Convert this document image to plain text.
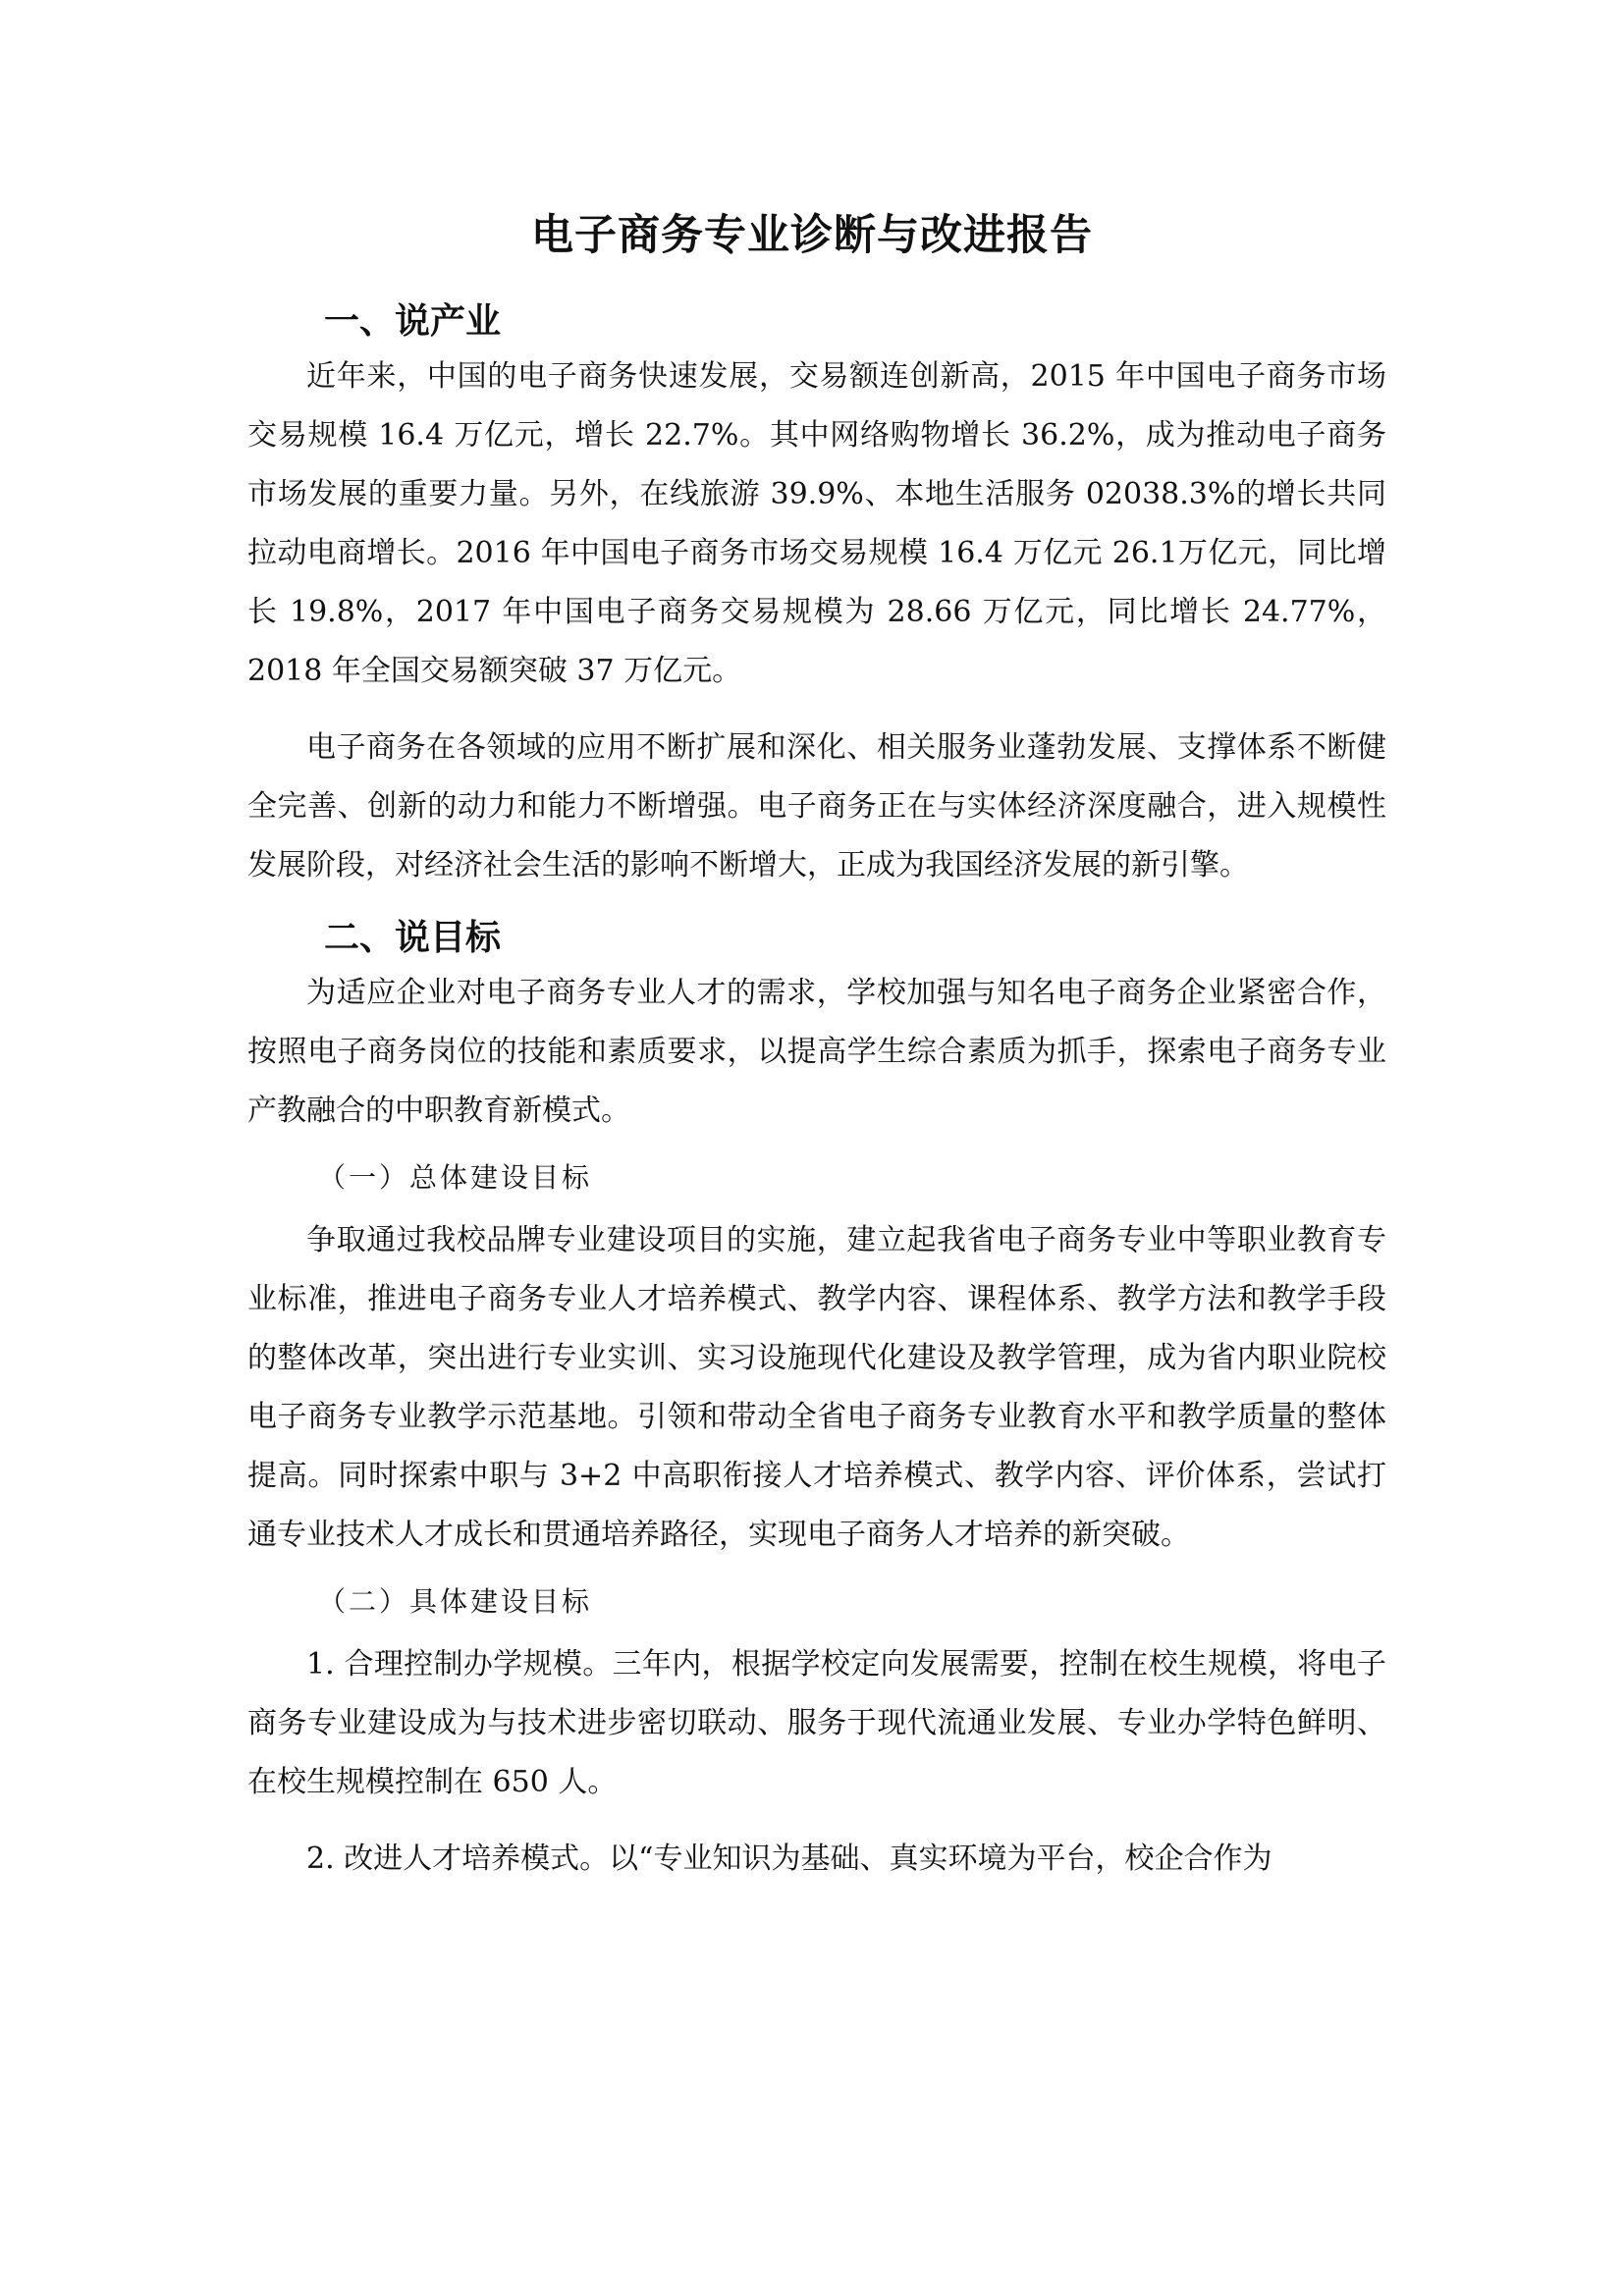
电子商务专业诊断与改进报告
一、说产业

近年来，中国的电子商务快速发展，交易额连创新高，2015 年中国电子商务市场交易规模 16.4 万亿元，增长 22.7%。其中网络购物增长 36.2%，成为推动电子商务市场发展的重要力量。另外，在线旅游 39.9%、本地生活服务 02038.3%的增长共同拉动电商增长。2016 年中国电子商务市场交易规模 16.4 万亿元 26.1万亿元，同比增长 19.8%，2017 年中国电子商务交易规模为 28.66 万亿元，同比增长 24.77%，2018 年全国交易额突破 37 万亿元。

电子商务在各领域的应用不断扩展和深化、相关服务业蓬勃发展、支撑体系不断健全完善、创新的动力和能力不断增强。电子商务正在与实体经济深度融合，进入规模性发展阶段，对经济社会生活的影响不断增大，正成为我国经济发展的新引擎。

二、说目标

为适应企业对电子商务专业人才的需求，学校加强与知名电子商务企业紧密合作，按照电子商务岗位的技能和素质要求，以提高学生综合素质为抓手，探索电子商务专业产教融合的中职教育新模式。

（一）总体建设目标

争取通过我校品牌专业建设项目的实施，建立起我省电子商务专业中等职业教育专业标准，推进电子商务专业人才培养模式、教学内容、课程体系、教学方法和教学手段的整体改革，突出进行专业实训、实习设施现代化建设及教学管理，成为省内职业院校电子商务专业教学示范基地。引领和带动全省电子商务专业教育水平和教学质量的整体提高。同时探索中职与 3+2 中高职衔接人才培养模式、教学内容、评价体系，尝试打通专业技术人才成长和贯通培养路径，实现电子商务人才培养的新突破。

（二）具体建设目标

1. 合理控制办学规模。三年内，根据学校定向发展需要，控制在校生规模，将电子商务专业建设成为与技术进步密切联动、服务于现代流通业发展、专业办学特色鲜明、在校生规模控制在 650 人。

2. 改进人才培养模式。以“专业知识为基础、真实环境为平台，校企合作为
